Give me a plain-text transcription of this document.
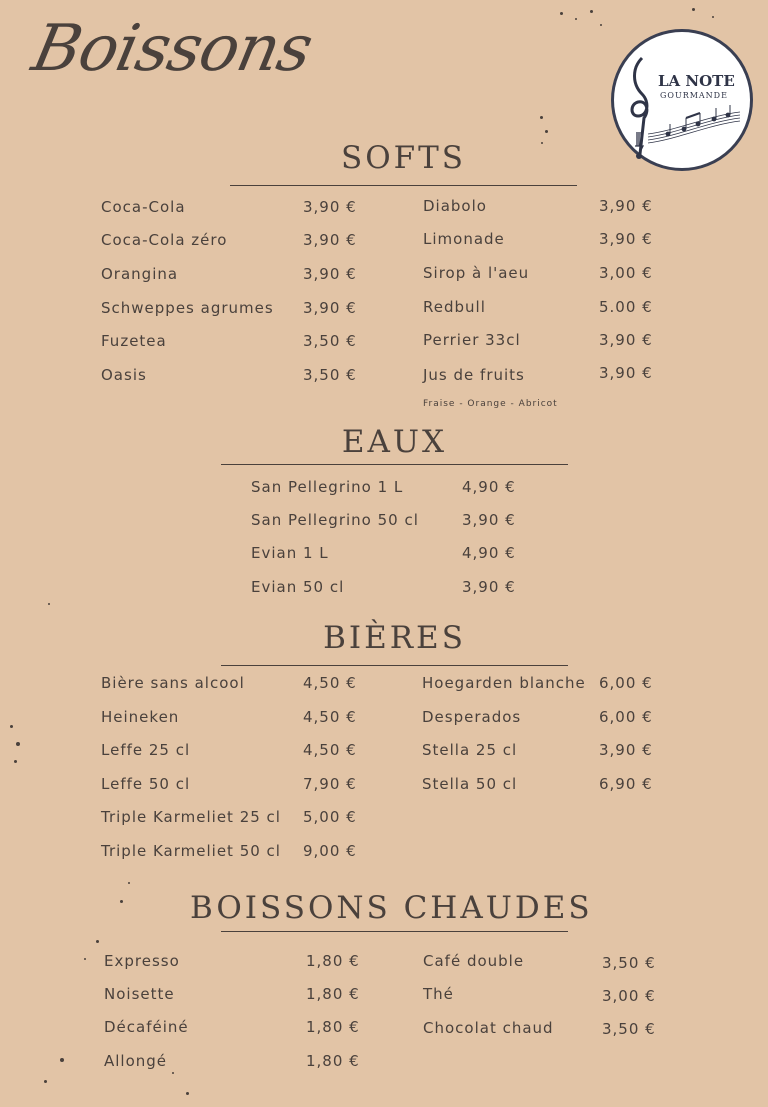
Boissons	LA NOTE
GOURMANDE
SOFTS
Coca-Cola	3,90 €
Coca-Cola zéro	3,90 €
Orangina	3,90 €
Schweppes agrumes 3,90 €
Fuzetea	3,50 €
Oasis	3,50 €
Diabolo	3,90 €
Limonade	3,90 €
Sirop à l'aeu	3,00 €
Redbull	5.00 €
Perrier 33cl	3,90 €
Jus de fruits	3,90 €
Fraise - Orange - Abricot
EAUX
San Pellegrino 1 L	4,90 €
San Pellegrino 50 cl	3,90 €
Evian 1 L	4,90 €
Evian 50 cl	3,90 €
BIÈRES
Bière sans alcool	4,50 €
Heineken	4,50 €
Leffe 25 cl	4,50 €
Leffe 50 cl	7,90 €
Triple Karmeliet 25 cl 5,00 €
Triple Karmeliet 50 cl 9,00 €
Hoegarden blanche 6,00 €
Desperados	6,00 €
Stella 25 cl	3,90 €
Stella 50 cl	6,90 €
BOISSONS CHAUDES
Expresso	1,80 €
Noisette	1,80 €
Décaféiné	1,80 €
Allongé	1,80 €
Café double	3,50 €
Thé	3,00 €
Chocolat chaud	3,50 €
